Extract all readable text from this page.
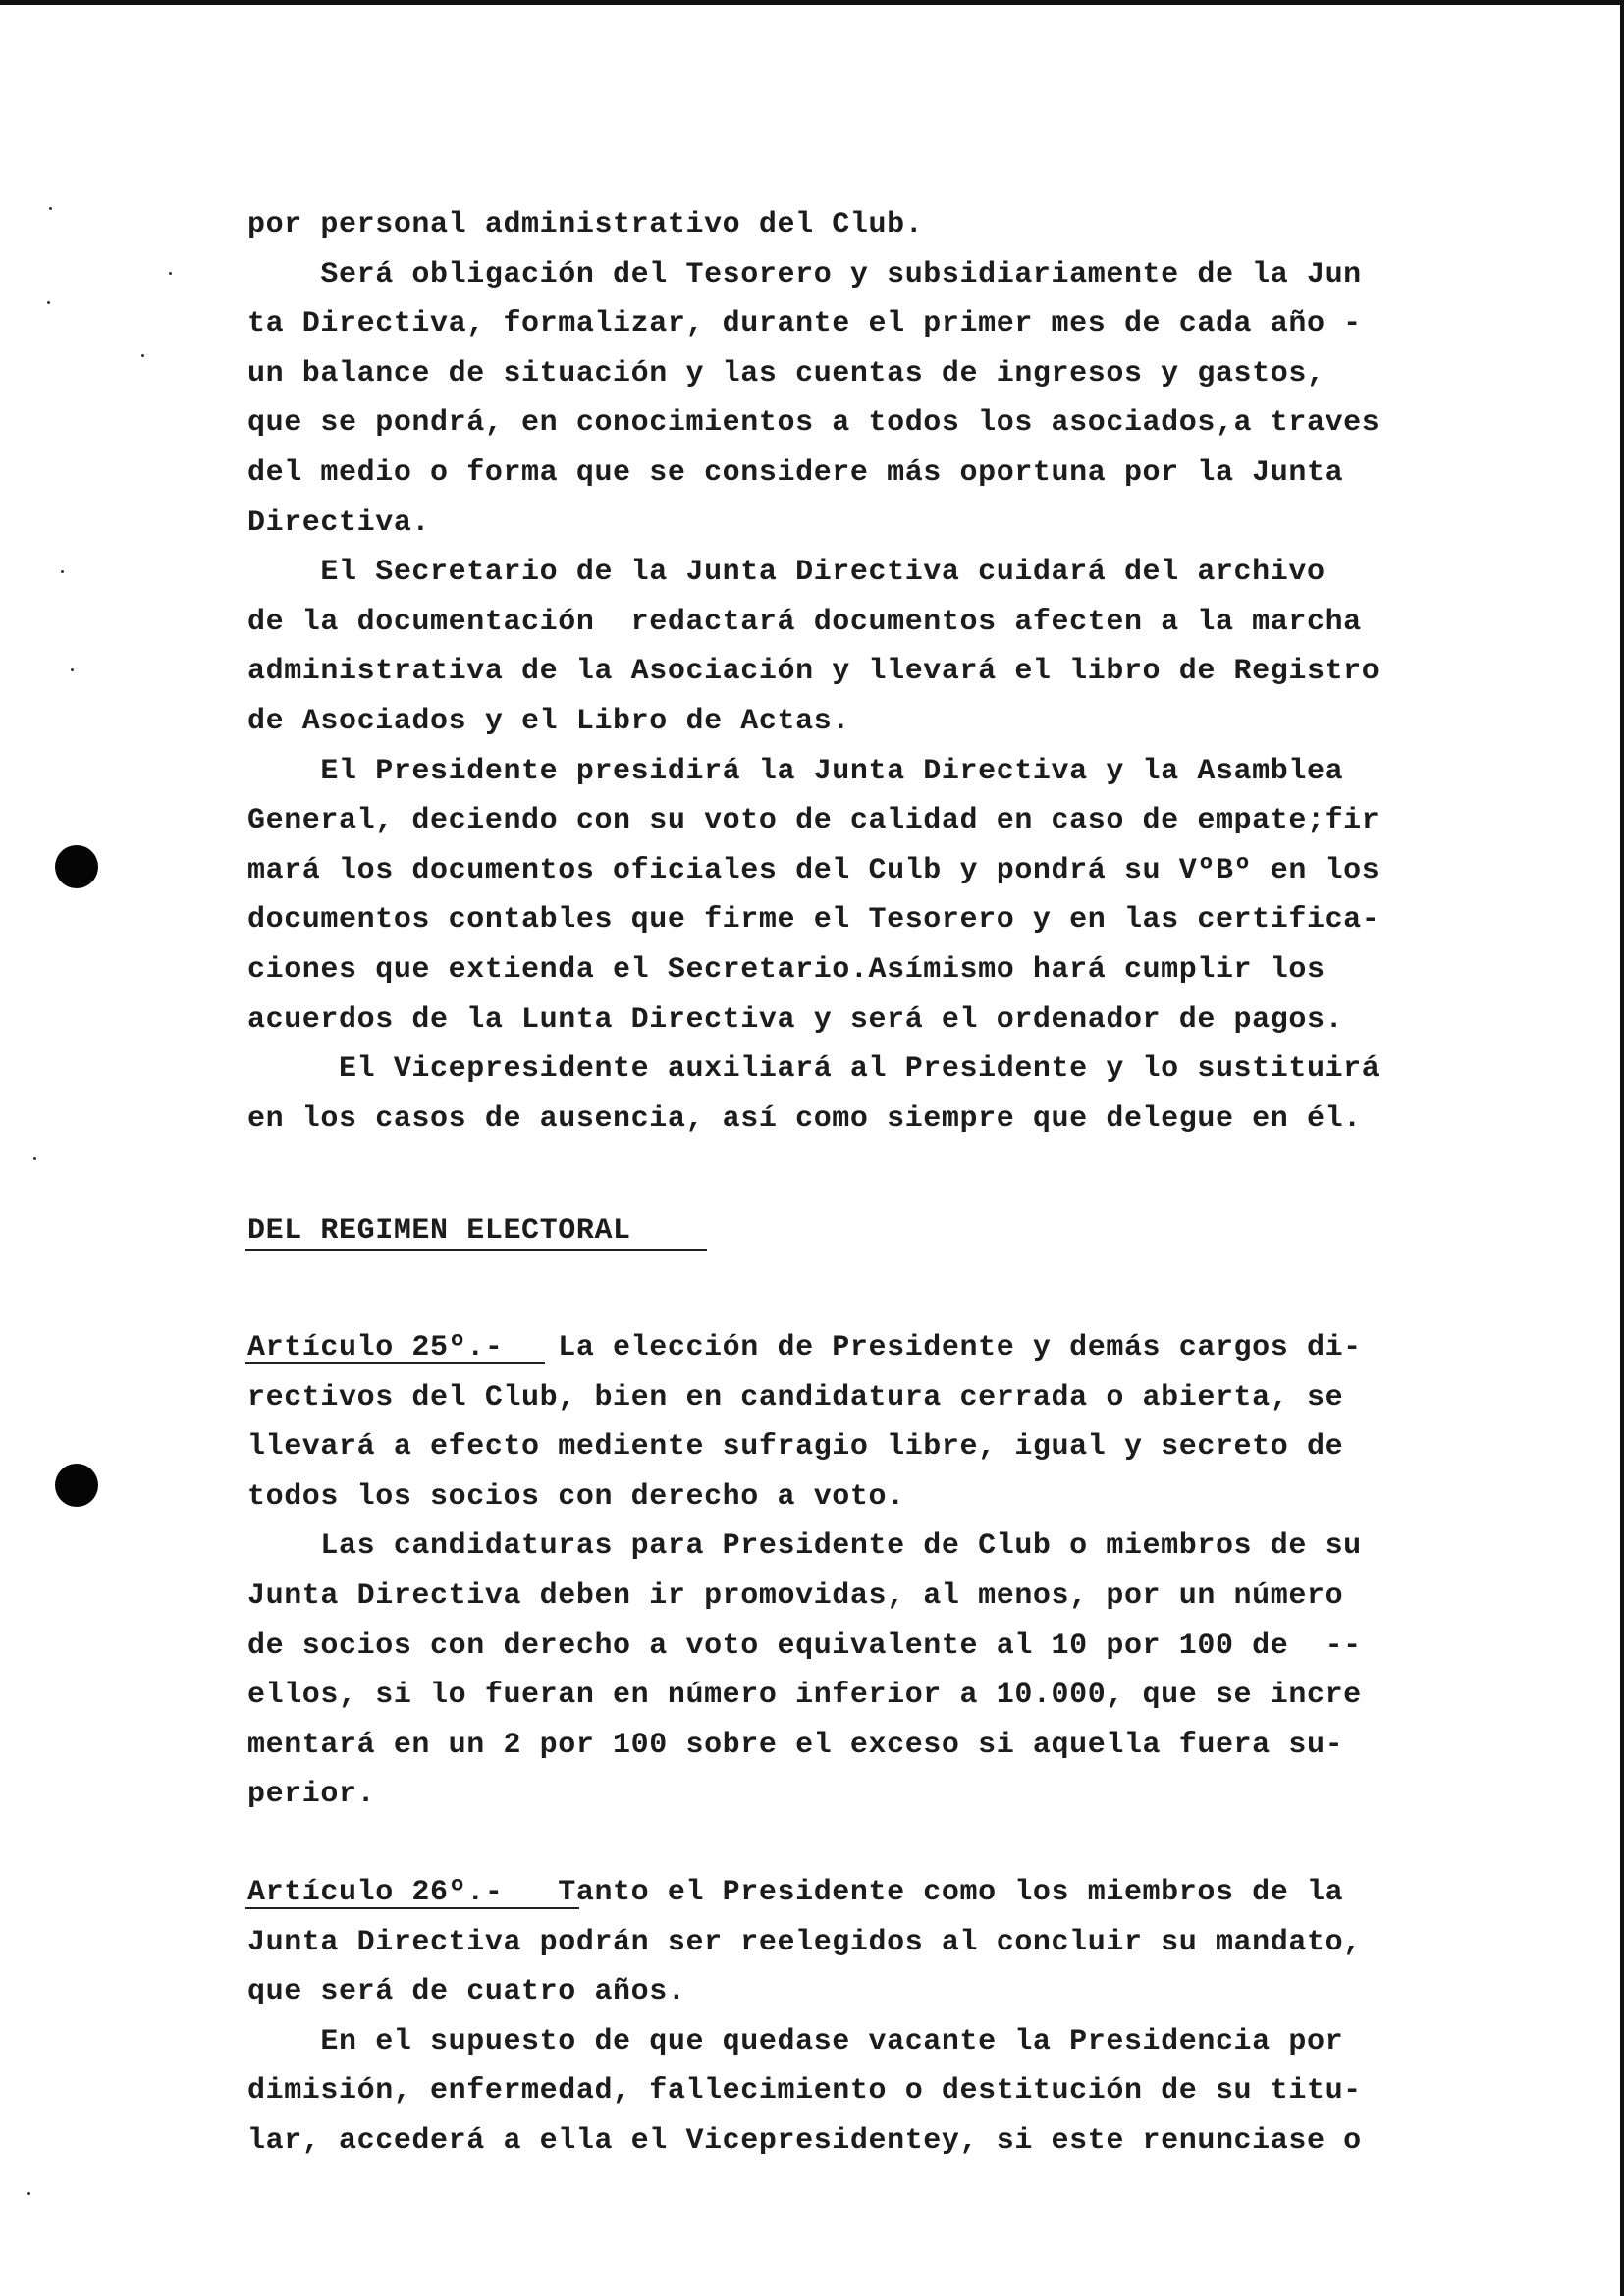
por personal administrativo del Club.
Será obligación del Tesorero y subsidiariamente de la Jun
ta Directiva, formalizar, durante el primer mes de cada año -
un balance de situación y las cuentas de ingresos y gastos,
que se pondrá, en conocimientos a todos los asociados,a traves
del medio o forma que se considere más oportuna por la Junta
Directiva.
El Secretario de la Junta Directiva cuidará del archivo
de la documentación  redactará documentos afecten a la marcha
administrativa de la Asociación y llevará el libro de Registro
de Asociados y el Libro de Actas.
El Presidente presidirá la Junta Directiva y la Asamblea
General, deciendo con su voto de calidad en caso de empate;fir
mará los documentos oficiales del Culb y pondrá su VºBº en los
documentos contables que firme el Tesorero y en las certifica-
ciones que extienda el Secretario.Asímismo hará cumplir los
acuerdos de la Lunta Directiva y será el ordenador de pagos.
El Vicepresidente auxiliará al Presidente y lo sustituirá
en los casos de ausencia, así como siempre que delegue en él.
DEL REGIMEN ELECTORAL
Artículo 25º.-   La elección de Presidente y demás cargos di-
rectivos del Club, bien en candidatura cerrada o abierta, se
llevará a efecto mediente sufragio libre, igual y secreto de
todos los socios con derecho a voto.
Las candidaturas para Presidente de Club o miembros de su
Junta Directiva deben ir promovidas, al menos, por un número
de socios con derecho a voto equivalente al 10 por 100 de  --
ellos, si lo fueran en número inferior a 10.000, que se incre
mentará en un 2 por 100 sobre el exceso si aquella fuera su-
perior.
Artículo 26º.-   Tanto el Presidente como los miembros de la
Junta Directiva podrán ser reelegidos al concluir su mandato,
que será de cuatro años.
En el supuesto de que quedase vacante la Presidencia por
dimisión, enfermedad, fallecimiento o destitución de su titu-
lar, accederá a ella el Vicepresidentey, si este renunciase o
